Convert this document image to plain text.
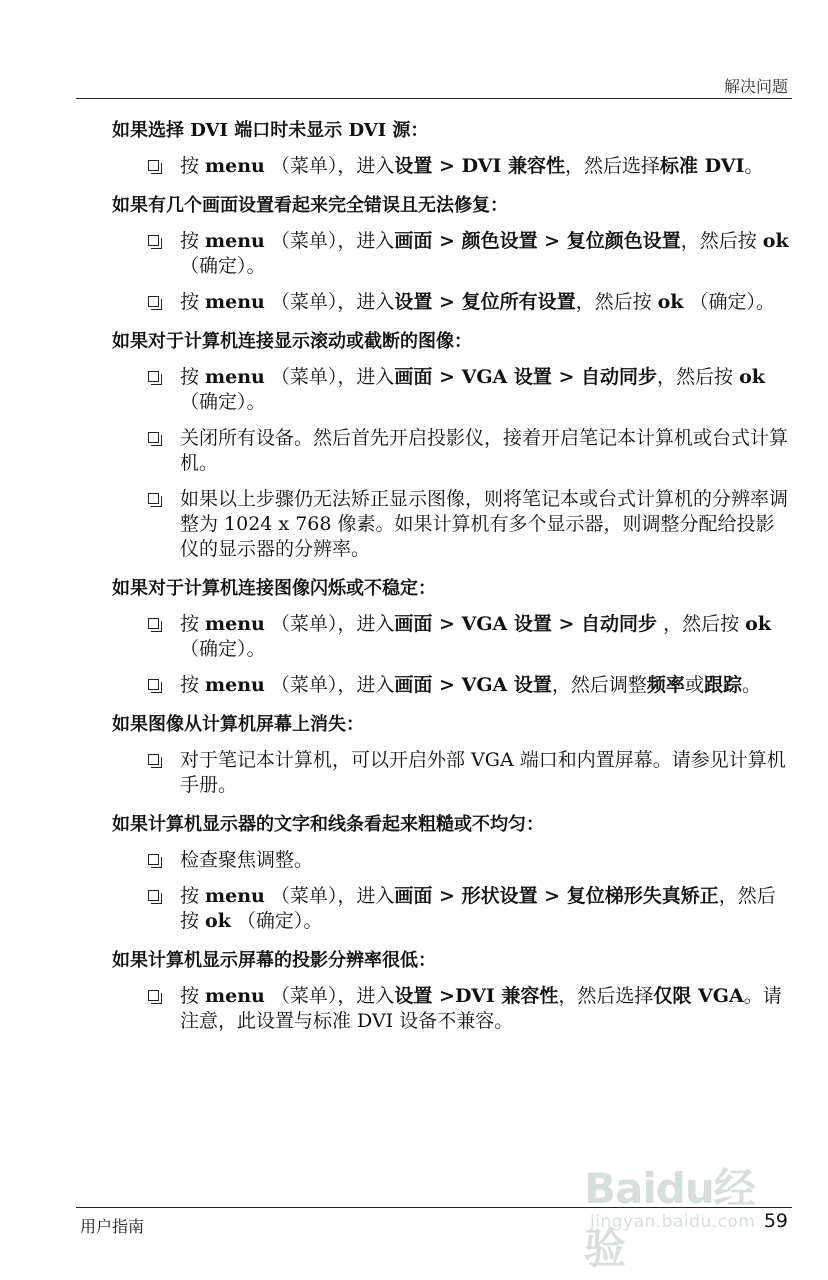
解决问题
如果选择 DVI 端口时未显示 DVI 源：
按 menu （菜单），进入设置 > DVI 兼容性，然后选择标准 DVI。
如果有几个画面设置看起来完全错误且无法修复：
按 menu （菜单），进入画面 > 颜色设置 > 复位颜色设置，然后按 ok （确定）。
按 menu （菜单），进入设置 > 复位所有设置，然后按 ok （确定）。
如果对于计算机连接显示滚动或截断的图像：
按 menu （菜单），进入画面 > VGA 设置 > 自动同步，然后按 ok （确定）。
关闭所有设备。然后首先开启投影仪，接着开启笔记本计算机或台式计算机。
如果以上步骤仍无法矫正显示图像，则将笔记本或台式计算机的分辨率调整为 1024 x 768 像素。如果计算机有多个显示器，则调整分配给投影仪的显示器的分辨率。
如果对于计算机连接图像闪烁或不稳定：
按 menu （菜单），进入画面 > VGA 设置 > 自动同步 ，然后按 ok （确定）。
按 menu （菜单），进入画面 > VGA 设置，然后调整频率或跟踪。
如果图像从计算机屏幕上消失：
对于笔记本计算机，可以开启外部 VGA 端口和内置屏幕。请参见计算机手册。
如果计算机显示器的文字和线条看起来粗糙或不均匀：
检查聚焦调整。
按 menu （菜单），进入画面 > 形状设置 > 复位梯形失真矫正，然后按 ok （确定）。
如果计算机显示屏幕的投影分辨率很低：
按 menu （菜单），进入设置 >DVI 兼容性，然后选择仅限 VGA。请注意，此设置与标准 DVI 设备不兼容。
用户指南	59
Baidu经验
jingyan.baidu.com
